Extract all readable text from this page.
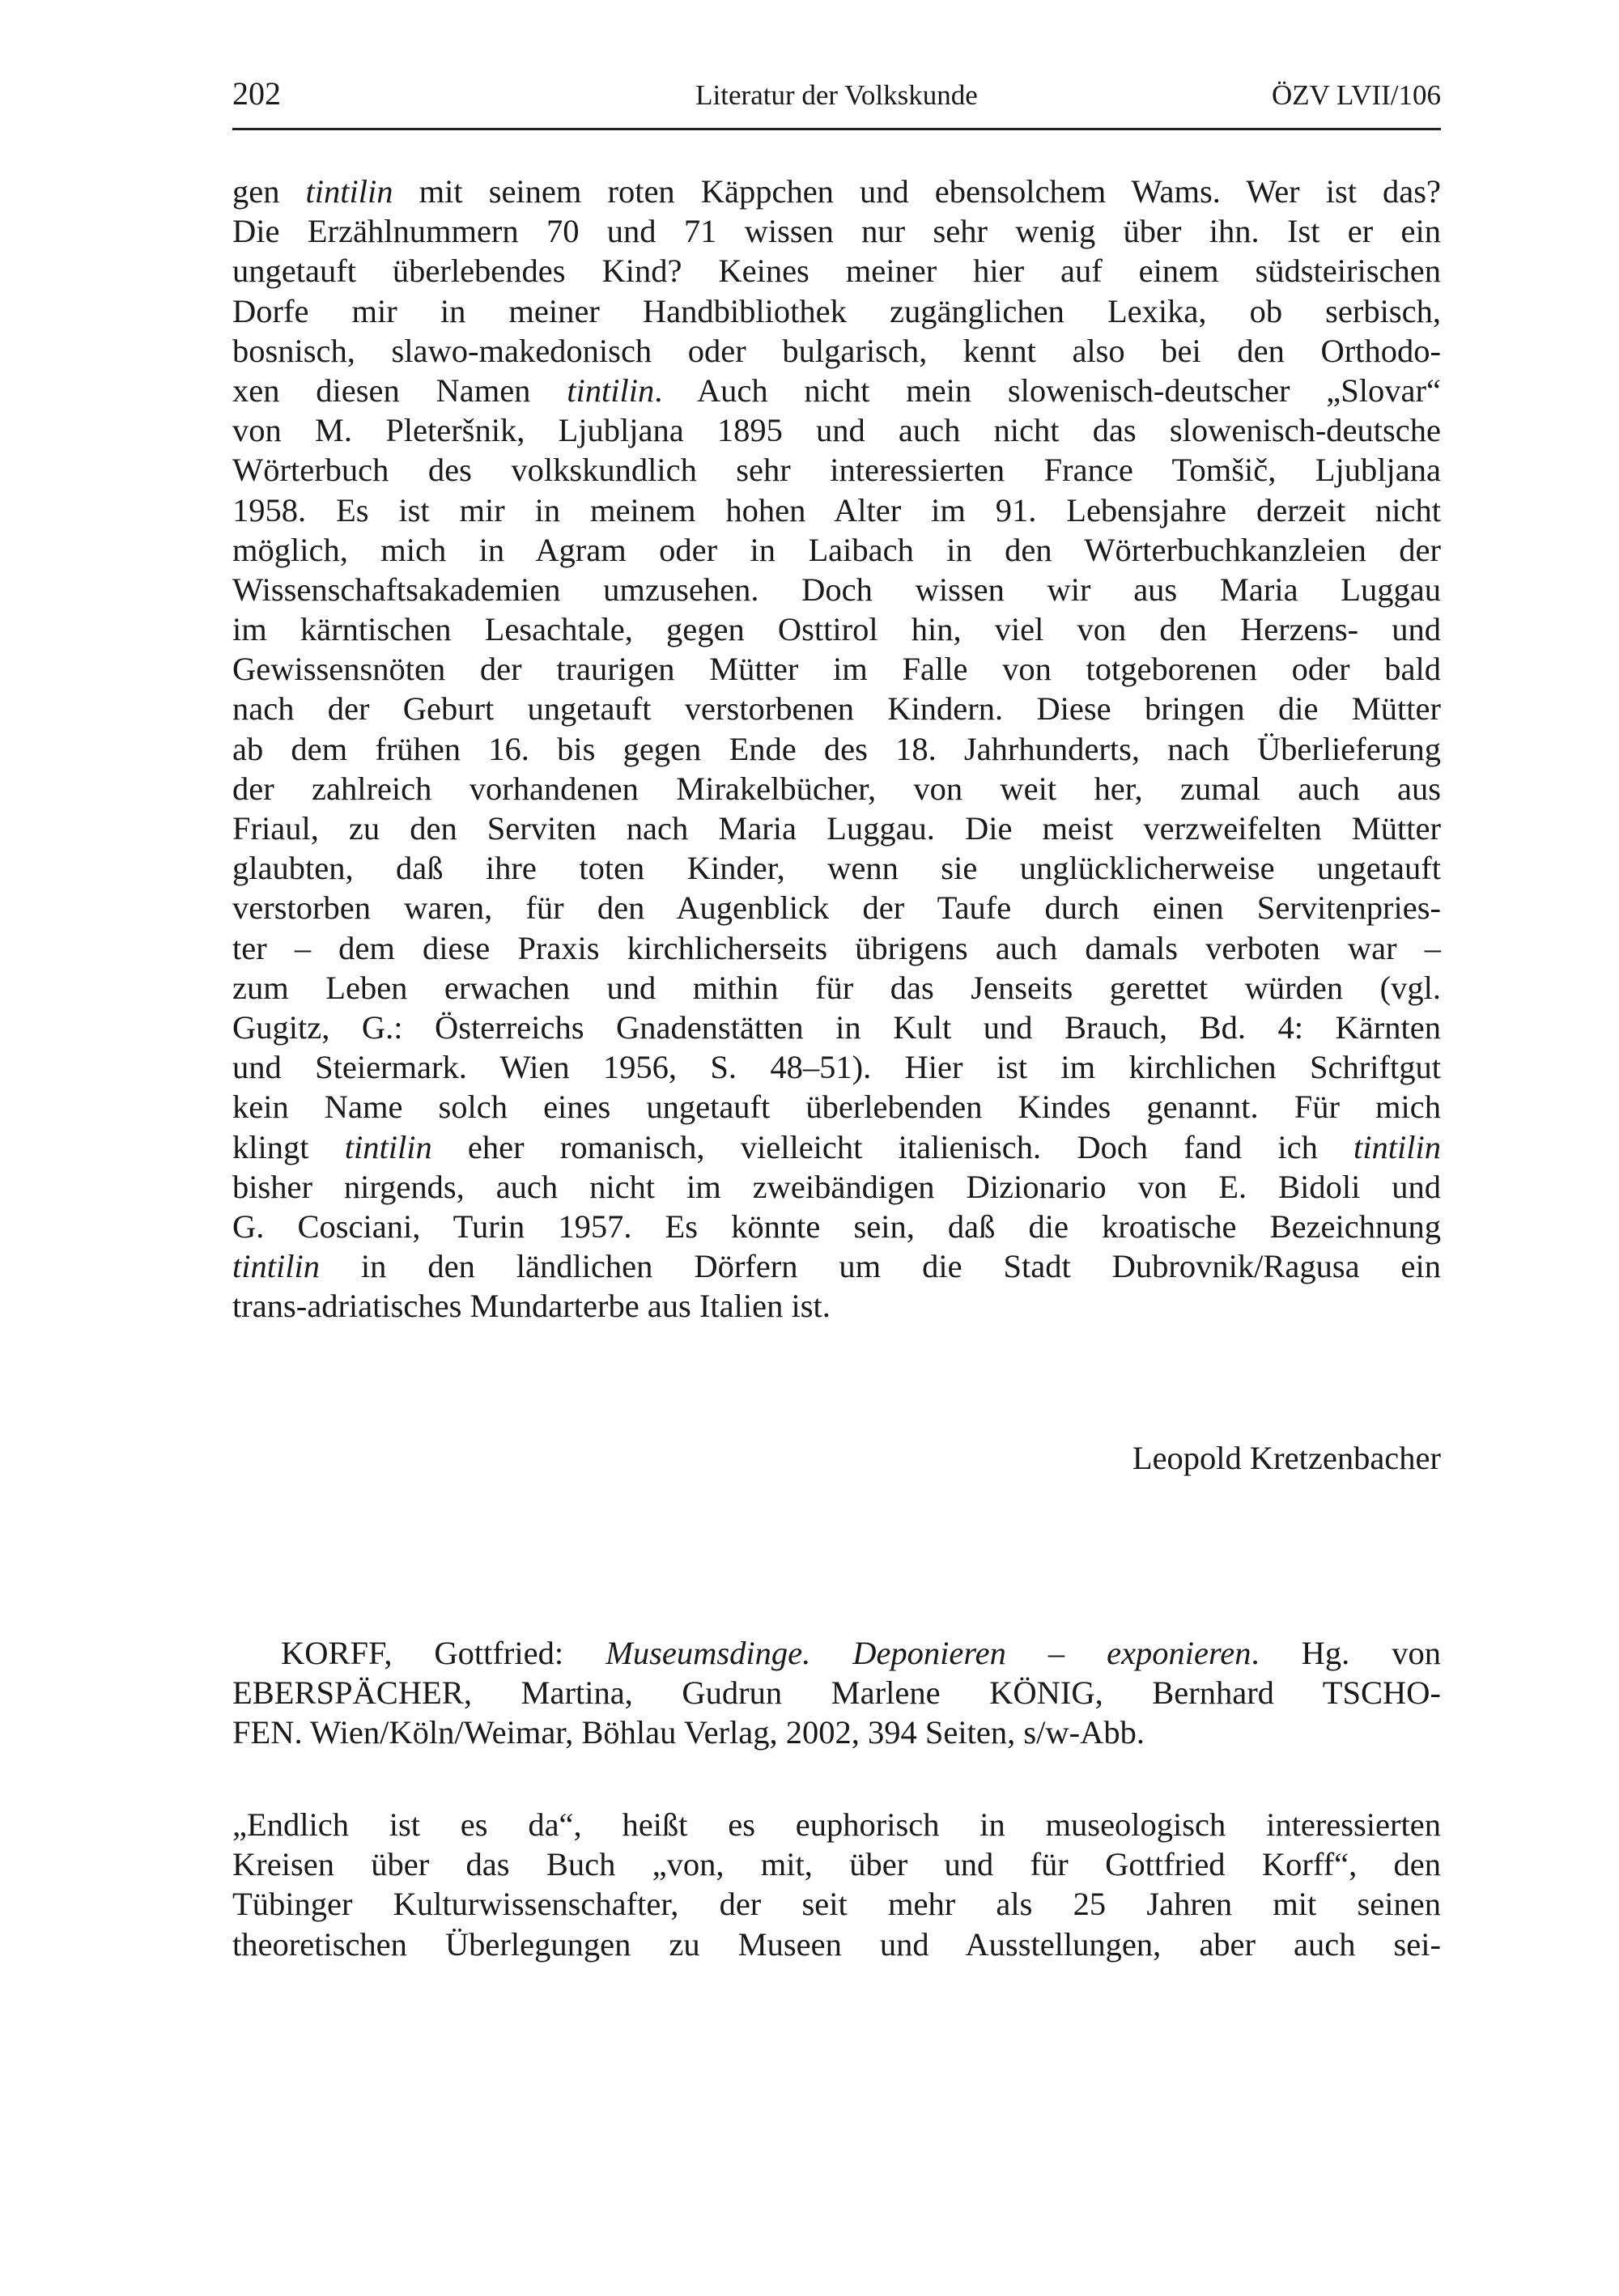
202	Literatur der Volkskunde	ÖZV LVII/106
gen tintilin mit seinem roten Käppchen und ebensolchem Wams. Wer ist das?
Die Erzählnummern 70 und 71 wissen nur sehr wenig über ihn. Ist er ein
ungetauft überlebendes Kind? Keines meiner hier auf einem südsteirischen
Dorfe mir in meiner Handbibliothek zugänglichen Lexika, ob serbisch,
bosnisch, slawo-makedonisch oder bulgarisch, kennt also bei den Orthodo-
xen diesen Namen tintilin. Auch nicht mein slowenisch-deutscher „Slovar“
von M. Pleteršnik, Ljubljana 1895 und auch nicht das slowenisch-deutsche
Wörterbuch des volkskundlich sehr interessierten France Tomšič, Ljubljana
1958. Es ist mir in meinem hohen Alter im 91. Lebensjahre derzeit nicht
möglich, mich in Agram oder in Laibach in den Wörterbuchkanzleien der
Wissenschaftsakademien umzusehen. Doch wissen wir aus Maria Luggau
im kärntischen Lesachtale, gegen Osttirol hin, viel von den Herzens- und
Gewissensnöten der traurigen Mütter im Falle von totgeborenen oder bald
nach der Geburt ungetauft verstorbenen Kindern. Diese bringen die Mütter
ab dem frühen 16. bis gegen Ende des 18. Jahrhunderts, nach Überlieferung
der zahlreich vorhandenen Mirakelbücher, von weit her, zumal auch aus
Friaul, zu den Serviten nach Maria Luggau. Die meist verzweifelten Mütter
glaubten, daß ihre toten Kinder, wenn sie unglücklicherweise ungetauft
verstorben waren, für den Augenblick der Taufe durch einen Servitenpries-
ter – dem diese Praxis kirchlicherseits übrigens auch damals verboten war –
zum Leben erwachen und mithin für das Jenseits gerettet würden (vgl.
Gugitz, G.: Österreichs Gnadenstätten in Kult und Brauch, Bd. 4: Kärnten
und Steiermark. Wien 1956, S. 48–51). Hier ist im kirchlichen Schriftgut
kein Name solch eines ungetauft überlebenden Kindes genannt. Für mich
klingt tintilin eher romanisch, vielleicht italienisch. Doch fand ich tintilin
bisher nirgends, auch nicht im zweibändigen Dizionario von E. Bidoli und
G. Cosciani, Turin 1957. Es könnte sein, daß die kroatische Bezeichnung
tintilin in den ländlichen Dörfern um die Stadt Dubrovnik/Ragusa ein
trans-adriatisches Mundarterbe aus Italien ist.
Leopold Kretzenbacher
KORFF, Gottfried: Museumsdinge. Deponieren – exponieren. Hg. von
EBERSPÄCHER, Martina, Gudrun Marlene KÖNIG, Bernhard TSCHO-
FEN. Wien/Köln/Weimar, Böhlau Verlag, 2002, 394 Seiten, s/w-Abb.
„Endlich ist es da“, heißt es euphorisch in museologisch interessierten
Kreisen über das Buch „von, mit, über und für Gottfried Korff“, den
Tübinger Kulturwissenschafter, der seit mehr als 25 Jahren mit seinen
theoretischen Überlegungen zu Museen und Ausstellungen, aber auch sei-
